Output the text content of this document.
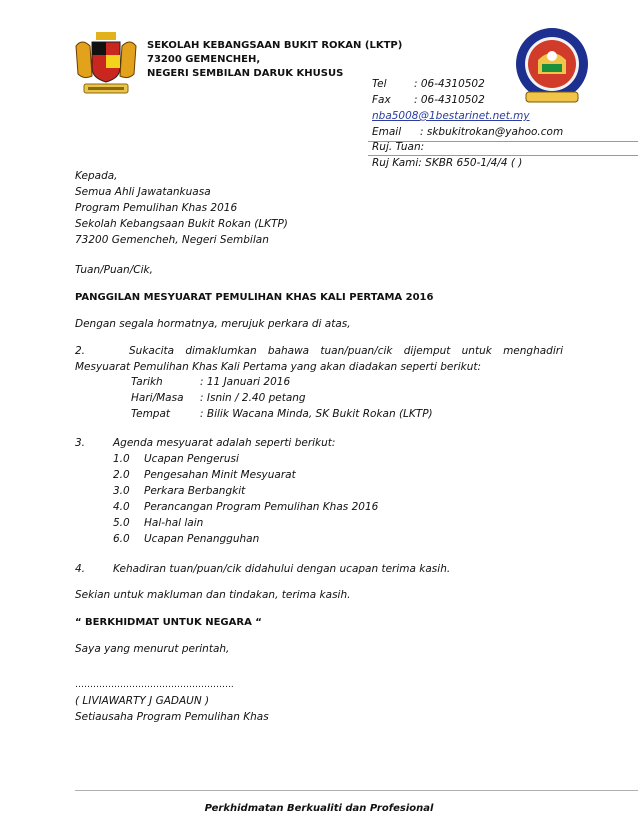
SEKOLAH KEBANGSAAN BUKIT ROKAN (LKTP)
73200 GEMENCHEH,
NEGERI SEMBILAN DARUK KHUSUS
Tel	: 06-4310502
Fax : 06-4310502
nba5008@1bestarinet.net.my
Email : skbukitrokan@yahoo.com
Ruj. Tuan:
Ruj Kami: SKBR 650-1/4/4 ( )
Kepada,
Semua Ahli Jawatankuasa
Program Pemulihan Khas 2016
Sekolah Kebangsaan Bukit Rokan (LKTP)
73200 Gemencheh, Negeri Sembilan
Tuan/Puan/Cik,
PANGGILAN MESYUARAT PEMULIHAN KHAS KALI PERTAMA 2016
Dengan segala hormatnya, merujuk perkara di atas,
2.	Sukacita dimaklumkan bahawa tuan/puan/cik dijemput untuk menghadiri Mesyuarat Pemulihan Khas Kali Pertama yang akan diadakan seperti berikut:
Tarikh	: 11 Januari 2016
Hari/Masa : Isnin / 2.40 petang
Tempat	: Bilik Wacana Minda, SK Bukit Rokan (LKTP)
3.	Agenda mesyuarat adalah seperti berikut:
1.0 Ucapan Pengerusi
2.0 Pengesahan Minit Mesyuarat
3.0 Perkara Berbangkit
4.0 Perancangan Program Pemulihan Khas 2016
5.0 Hal-hal lain
6.0 Ucapan Penangguhan
4.	Kehadiran tuan/puan/cik didahului dengan ucapan terima kasih.
Sekian untuk makluman dan tindakan, terima kasih.
“ BERKHIDMAT UNTUK NEGARA “
Saya yang menurut perintah,
……………………………………………..
( LIVIAWARTY J GADAUN )
Setiausaha Program Pemulihan Khas
Perkhidmatan Berkualiti dan Profesional
